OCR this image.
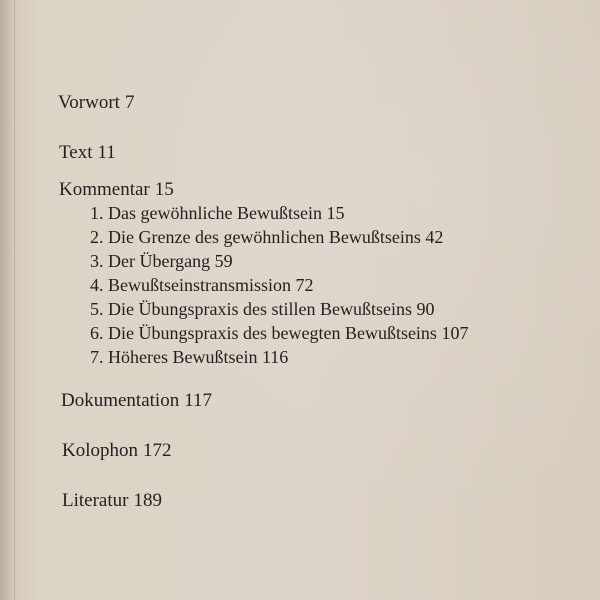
Vorwort 7
Text 11
Kommentar 15
1. Das gewöhnliche Bewußtsein 15
2. Die Grenze des gewöhnlichen Bewußtseins 42
3. Der Übergang 59
4. Bewußtseinstransmission 72
5. Die Übungspraxis des stillen Bewußtseins 90
6. Die Übungspraxis des bewegten Bewußtseins 107
7. Höheres Bewußtsein 116
Dokumentation 117
Kolophon 172
Literatur 189
